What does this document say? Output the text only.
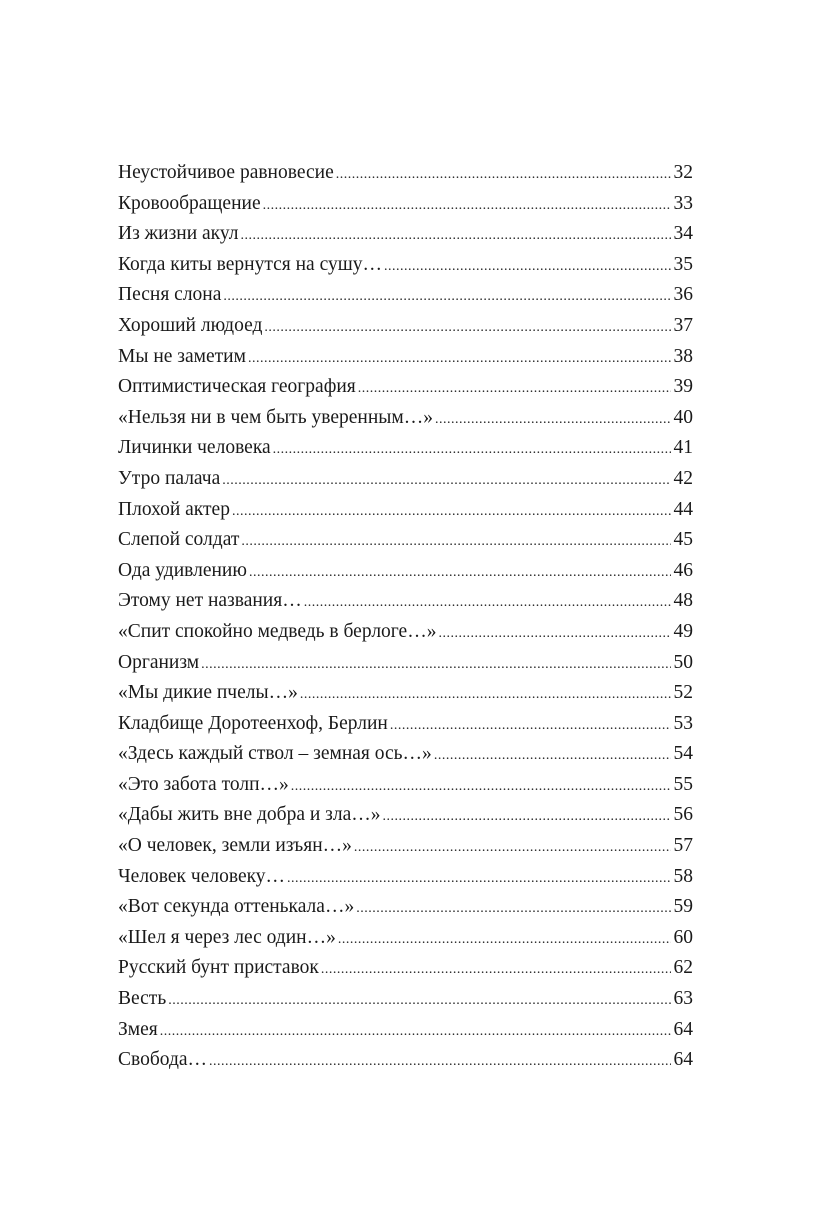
Неустойчивое равновесие .....	32
Кровообращение .....	33
Из жизни акул .....	34
Когда киты вернутся на сушу… .....	35
Песня слона .....	36
Хороший людоед .....	37
Мы не заметим .....	38
Оптимистическая география .....	39
«Нельзя ни в чем быть уверенным…» .....	40
Личинки человека .....	41
Утро палача .....	42
Плохой актер .....	44
Слепой солдат .....	45
Ода удивлению .....	46
Этому нет названия… .....	48
«Спит спокойно медведь в берлоге…» .....	49
Организм .....	50
«Мы дикие пчелы…» .....	52
Кладбище Доротеенхоф, Берлин .....	53
«Здесь каждый ствол – земная ось…» .....	54
«Это забота толп…» .....	55
«Дабы жить вне добра и зла…» .....	56
«О человек, земли изъян…» .....	57
Человек человеку… .....	58
«Вот секунда оттенькала…» .....	59
«Шел я через лес один…» .....	60
Русский бунт приставок .....	62
Весть .....	63
Змея .....	64
Свобода… .....	64
